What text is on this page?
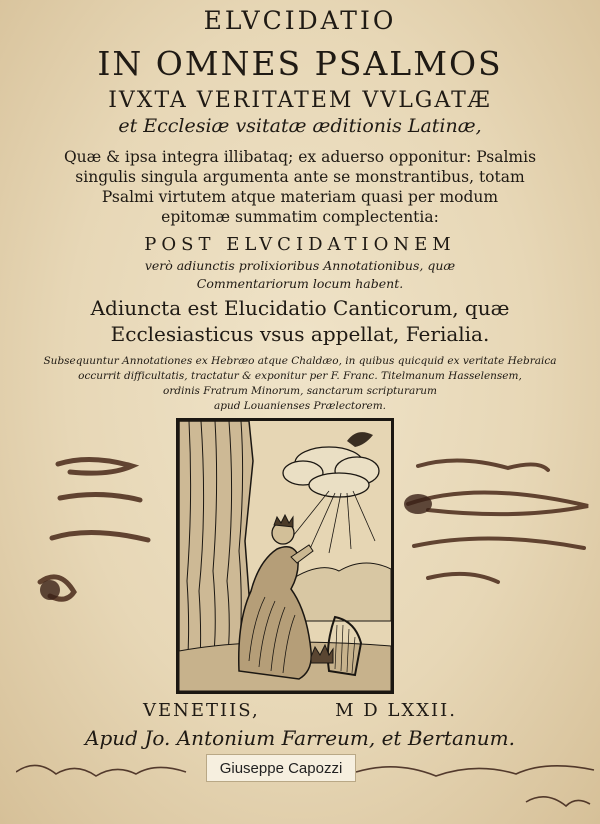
ELVCIDATIO
IN OMNES PSALMOS
IVXTA VERITATEM VVLGATÆ
et Ecclesiæ vsitatæ æditionis Latinæ,
Quæ & ipsa integra illibataq; ex aduerso opponitur: Psalmis
singulis singula argumenta ante se monstrantibus, totam
Psalmi virtutem atque materiam quasi per modum
epitomæ summatim complectentia:
POST ELVCIDATIONEM
verò adiunctis prolixioribus Annotationibus, quæ
Commentariorum locum habent.
Adiuncta est Elucidatio Canticorum, quæ
Ecclesiasticus vsus appellat, Ferialia.
Subsequuntur Annotationes ex Hebræo atque Chaldæo, in quibus quicquid ex veritate Hebraica
occurrit difficultatis, tractatur & exponitur per F. Franc. Titelmanum Hasselensem,
ordinis Fratrum Minorum, sanctarum scripturarum
apud Louanienses Prælectorem.
VENETIIS,	M D LXXII.
Apud Jo. Antonium Farreum, et Bertanum.
Giuseppe Capozzi
